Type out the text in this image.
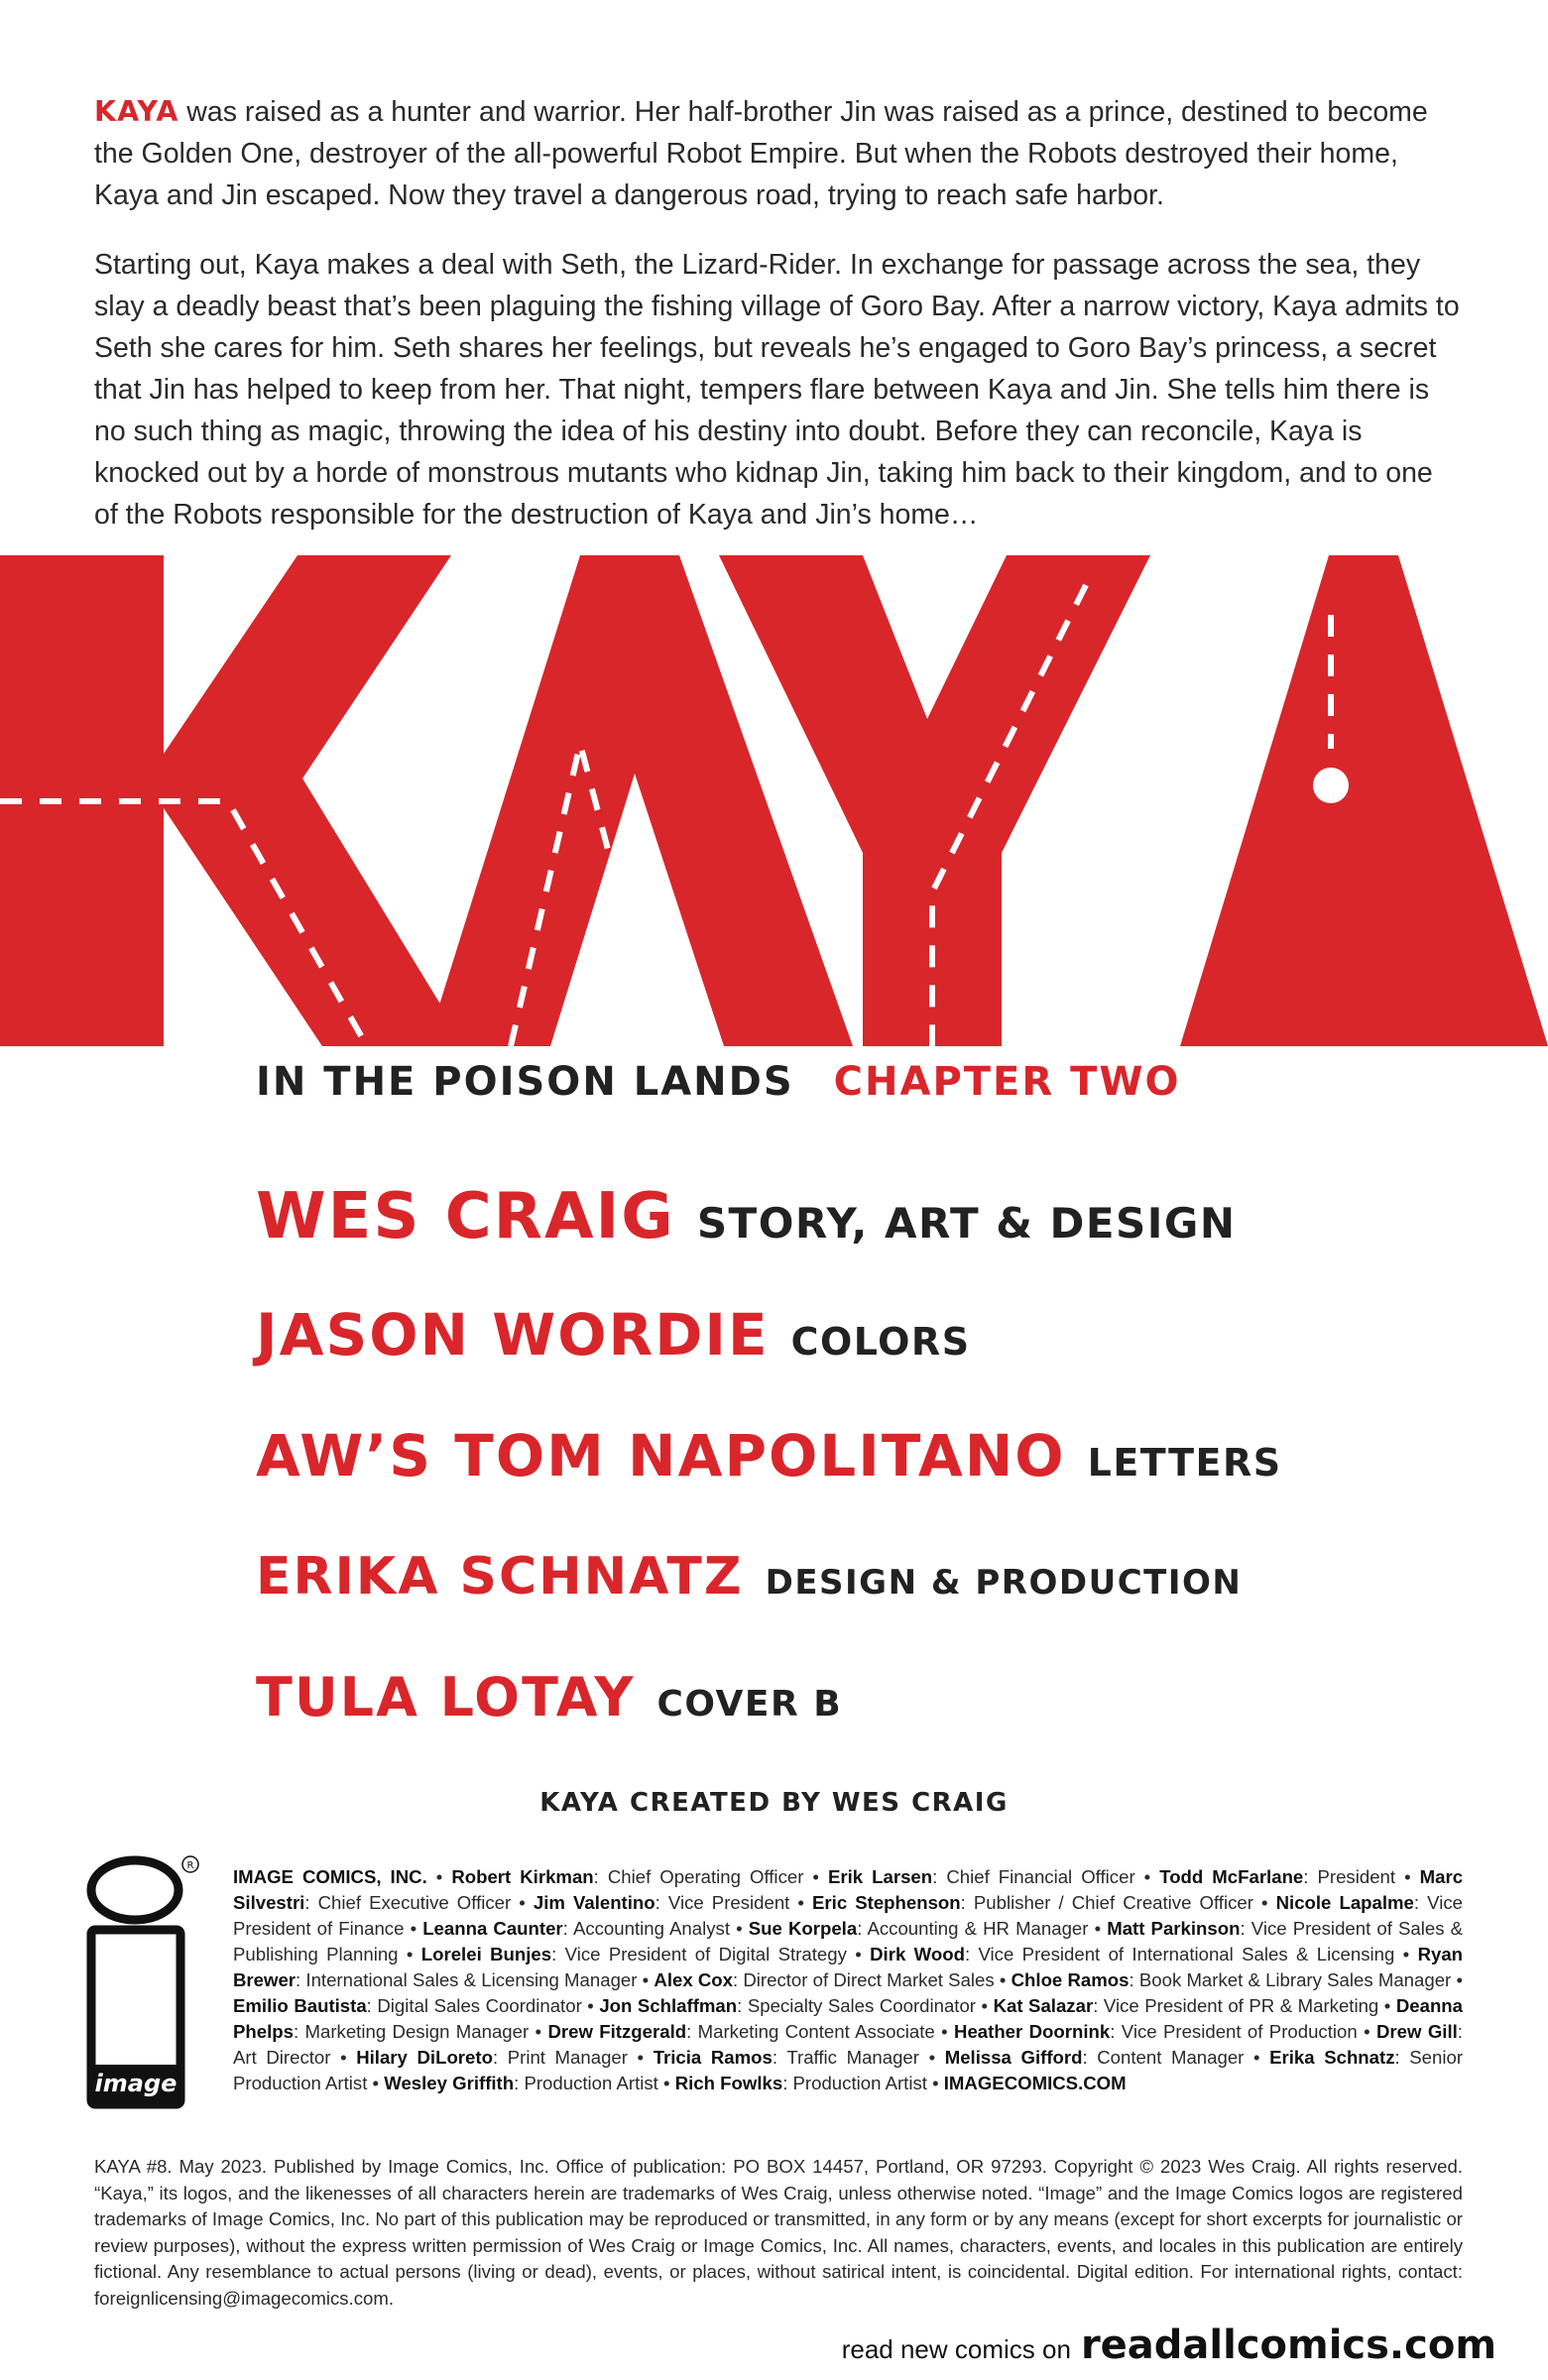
KAYA was raised as a hunter and warrior. Her half-brother Jin was raised as a prince, destined to become the Golden One, destroyer of the all-powerful Robot Empire. But when the Robots destroyed their home, Kaya and Jin escaped. Now they travel a dangerous road, trying to reach safe harbor.

Starting out, Kaya makes a deal with Seth, the Lizard-Rider. In exchange for passage across the sea, they slay a deadly beast that’s been plaguing the fishing village of Goro Bay. After a narrow victory, Kaya admits to Seth she cares for him. Seth shares her feelings, but reveals he’s engaged to Goro Bay’s princess, a secret that Jin has helped to keep from her. That night, tempers flare between Kaya and Jin. She tells him there is no such thing as magic, throwing the idea of his destiny into doubt. Before they can reconcile, Kaya is knocked out by a horde of monstrous mutants who kidnap Jin, taking him back to their kingdom, and to one of the Robots responsible for the destruction of Kaya and Jin’s home…

IN THE POISON LANDS CHAPTER TWO
WES CRAIG STORY, ART & DESIGN
JASON WORDIE COLORS
AW’S TOM NAPOLITANO LETTERS
ERIKA SCHNATZ DESIGN & PRODUCTION
TULA LOTAY COVER B
KAYA CREATED BY WES CRAIG
image
R
IMAGE COMICS, INC. • Robert Kirkman: Chief Operating Officer • Erik Larsen: Chief Financial Officer • Todd McFarlane: President • Marc Silvestri: Chief Executive Officer • Jim Valentino: Vice President • Eric Stephenson: Publisher / Chief Creative Officer • Nicole Lapalme: Vice President of Finance • Leanna Caunter: Accounting Analyst • Sue Korpela: Accounting & HR Manager • Matt Parkinson: Vice President of Sales & Publishing Planning • Lorelei Bunjes: Vice President of Digital Strategy • Dirk Wood: Vice President of International Sales & Licensing • Ryan Brewer: International Sales & Licensing Manager • Alex Cox: Director of Direct Market Sales • Chloe Ramos: Book Market & Library Sales Manager • Emilio Bautista: Digital Sales Coordinator • Jon Schlaffman: Specialty Sales Coordinator • Kat Salazar: Vice President of PR & Marketing • Deanna Phelps: Marketing Design Manager • Drew Fitzgerald: Marketing Content Associate • Heather Doornink: Vice President of Production • Drew Gill: Art Director • Hilary DiLoreto: Print Manager • Tricia Ramos: Traffic Manager • Melissa Gifford: Content Manager • Erika Schnatz: Senior Production Artist • Wesley Griffith: Production Artist • Rich Fowlks: Production Artist • IMAGECOMICS.COM
KAYA #8. May 2023. Published by Image Comics, Inc. Office of publication: PO BOX 14457, Portland, OR 97293. Copyright © 2023 Wes Craig. All rights reserved. “Kaya,” its logos, and the likenesses of all characters herein are trademarks of Wes Craig, unless otherwise noted. “Image” and the Image Comics logos are registered trademarks of Image Comics, Inc. No part of this publication may be reproduced or transmitted, in any form or by any means (except for short excerpts for journalistic or review purposes), without the express written permission of Wes Craig or Image Comics, Inc. All names, characters, events, and locales in this publication are entirely fictional. Any resemblance to actual persons (living or dead), events, or places, without satirical intent, is coincidental. Digital edition. For international rights, contact: foreignlicensing@imagecomics.com.
read new comics on readallcomics.com
